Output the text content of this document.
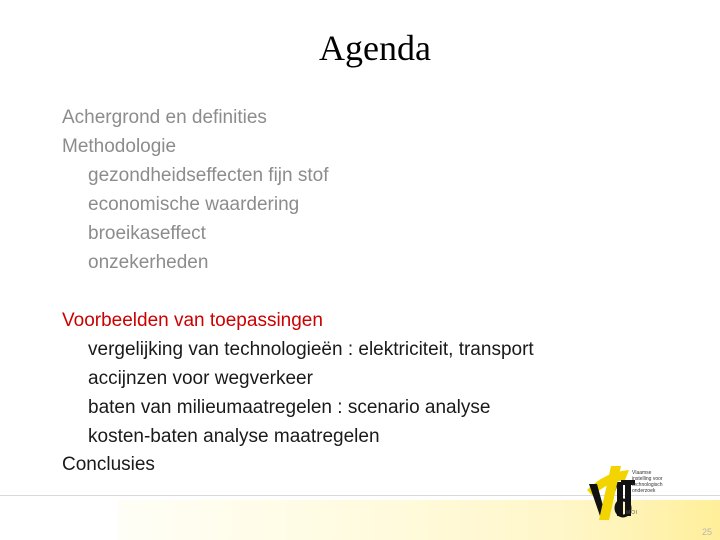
Agenda
Achergrond en definities
Methodologie
gezondheidseffecten fijn stof
economische waardering
broeikaseffect
onzekerheden
Voorbeelden van toepassingen
vergelijking van technologieën : elektriciteit, transport
accijnzen voor wegverkeer
baten van milieumaatregelen : scenario analyse
kosten-baten analyse maatregelen
Conclusies	Vlaamse
instelling voor
technologisch
onderzoek
MOI
25
